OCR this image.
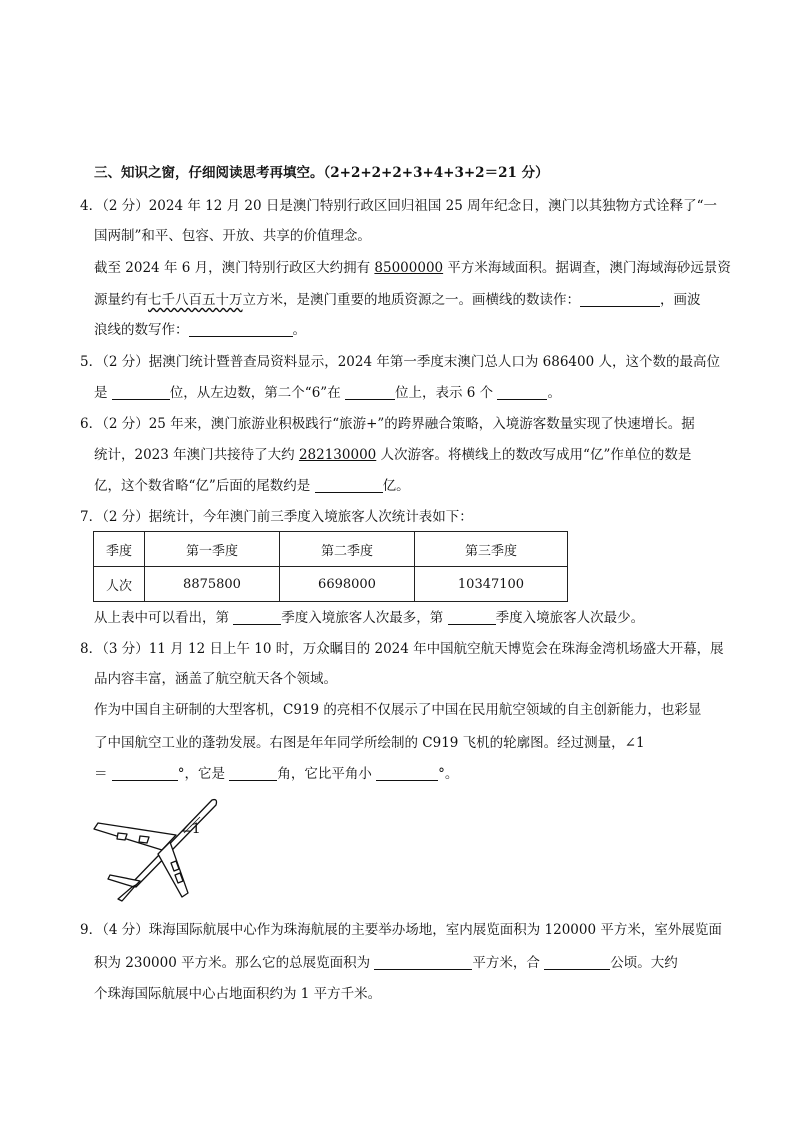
三、知识之窗，仔细阅读思考再填空。（2+2+2+2+3+4+3+2＝21 分）
4．（2 分）2024 年 12 月 20 日是澳门特别行政区回归祖国 25 周年纪念日，澳门以其独物方式诠释了“一
国两制”和平、包容、开放、共享的价值理念。
截至 2024 年 6 月，澳门特别行政区大约拥有 85000000 平方米海域面积。据调查，澳门海域海砂远景资
源量约有七千八百五十万立方米，是澳门重要的地质资源之一。画横线的数读作：	，画波
浪线的数写作：	。
5．（2 分）据澳门统计暨普查局资料显示，2024 年第一季度末澳门总人口为 686400 人，这个数的最高位
是	位，从左边数，第二个“6”在	位上，表示 6 个	。
6．（2 分）25 年来，澳门旅游业积极践行“旅游+”的跨界融合策略，入境游客数量实现了快速增长。据
统计，2023 年澳门共接待了大约 282130000 人次游客。将横线上的数改写成用“亿”作单位的数是
亿，这个数省略“亿”后面的尾数约是	亿。
7．（2 分）据统计，今年澳门前三季度入境旅客人次统计表如下：
季度	第一季度	第二季度	第三季度
人次	8875800	6698000	10347100
从上表中可以看出，第	季度入境旅客人次最多，第	季度入境旅客人次最少。
8．（3 分）11 月 12 日上午 10 时，万众瞩目的 2024 年中国航空航天博览会在珠海金湾机场盛大开幕，展
品内容丰富，涵盖了航空航天各个领域。
作为中国自主研制的大型客机，C919 的亮相不仅展示了中国在民用航空领域的自主创新能力，也彩显
了中国航空工业的蓬勃发展。右图是年年同学所绘制的 C919 飞机的轮廓图。经过测量，∠1
＝	°，它是	角，它比平角小	°。
∠1
9．（4 分）珠海国际航展中心作为珠海航展的主要举办场地，室内展览面积为 120000 平方米，室外展览面
积为 230000 平方米。那么它的总展览面积为	平方米，合	公顷。大约
个珠海国际航展中心占地面积约为 1 平方千米。
